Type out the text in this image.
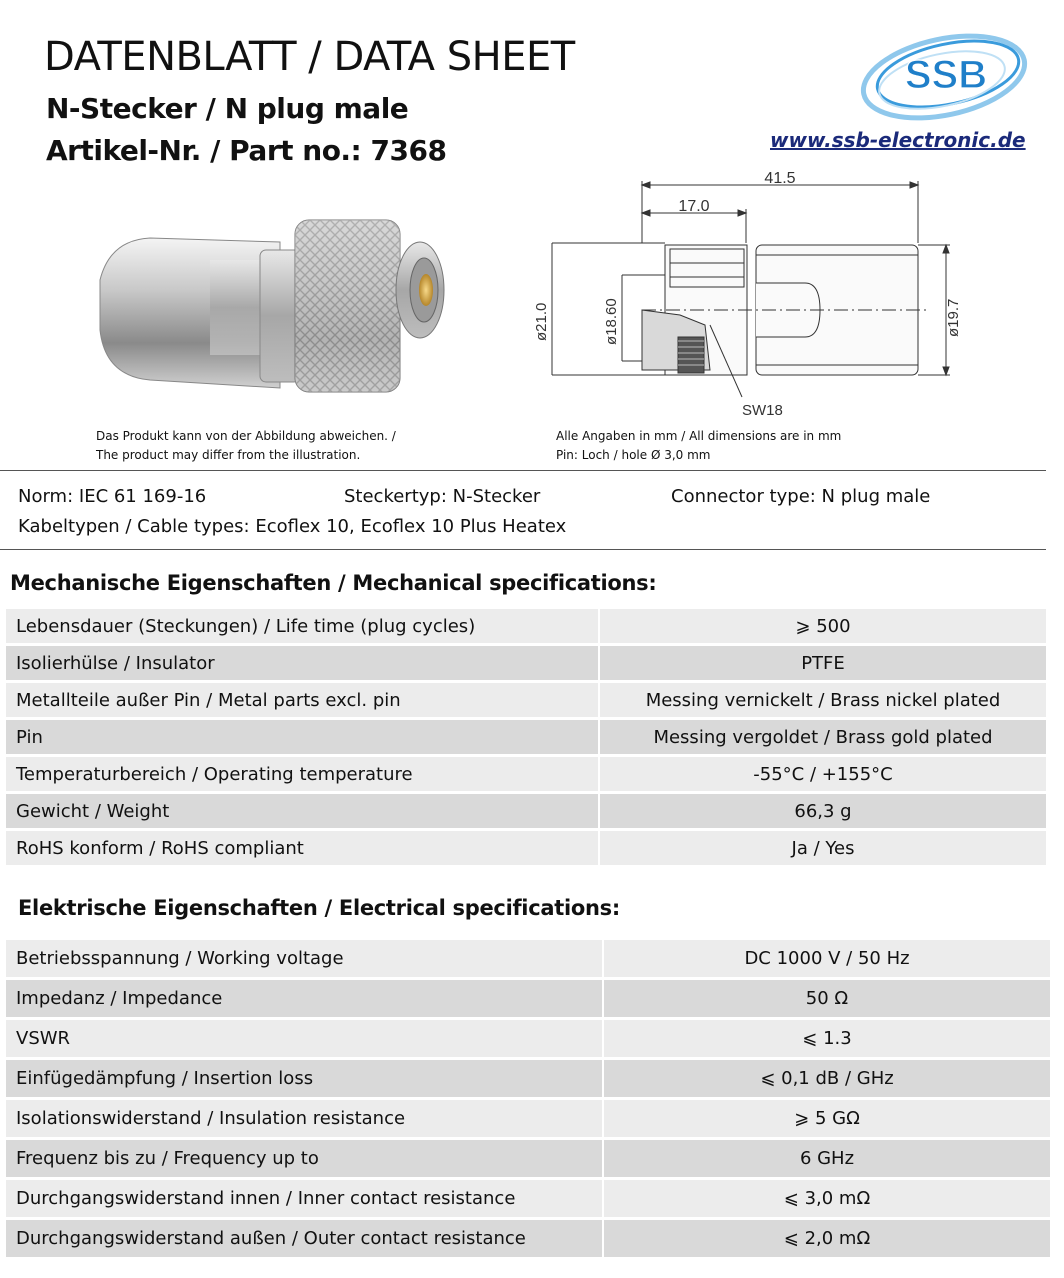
DATENBLATT / DATA SHEET
N-Stecker / N plug male
Artikel-Nr. / Part no.: 7368
SSB
www.ssb-electronic.de
41.5
17.0
ø21.0	ø18.60	ø19.7
SW18
Das Produkt kann von der Abbildung abweichen. /
The product may differ from the illustration.
Alle Angaben in mm / All dimensions are in mm
Pin: Loch / hole Ø 3,0 mm
Norm: IEC 61 169-16	Steckertyp: N-Stecker	Connector type: N plug male
Kabeltypen / Cable types: Ecoflex 10, Ecoflex 10 Plus Heatex
Mechanische Eigenschaften / Mechanical specifications:
Lebensdauer (Steckungen) / Life time (plug cycles)	⩾ 500
Isolierhülse / Insulator	PTFE
Metallteile außer Pin / Metal parts excl. pin	Messing vernickelt / Brass nickel plated
Pin	Messing vergoldet / Brass gold plated
Temperaturbereich / Operating temperature	-55°C / +155°C
Gewicht / Weight	66,3 g
RoHS konform / RoHS compliant	Ja / Yes
Elektrische Eigenschaften / Electrical specifications:
Betriebsspannung / Working voltage	DC 1000 V / 50 Hz
Impedanz / Impedance	50 Ω
VSWR	⩽ 1.3
Einfügedämpfung / Insertion loss	⩽ 0,1 dB / GHz
Isolationswiderstand / Insulation resistance	⩾ 5 GΩ
Frequenz bis zu / Frequency up to	6 GHz
Durchgangswiderstand innen / Inner contact resistance	⩽ 3,0 mΩ
Durchgangswiderstand außen / Outer contact resistance	⩽ 2,0 mΩ
